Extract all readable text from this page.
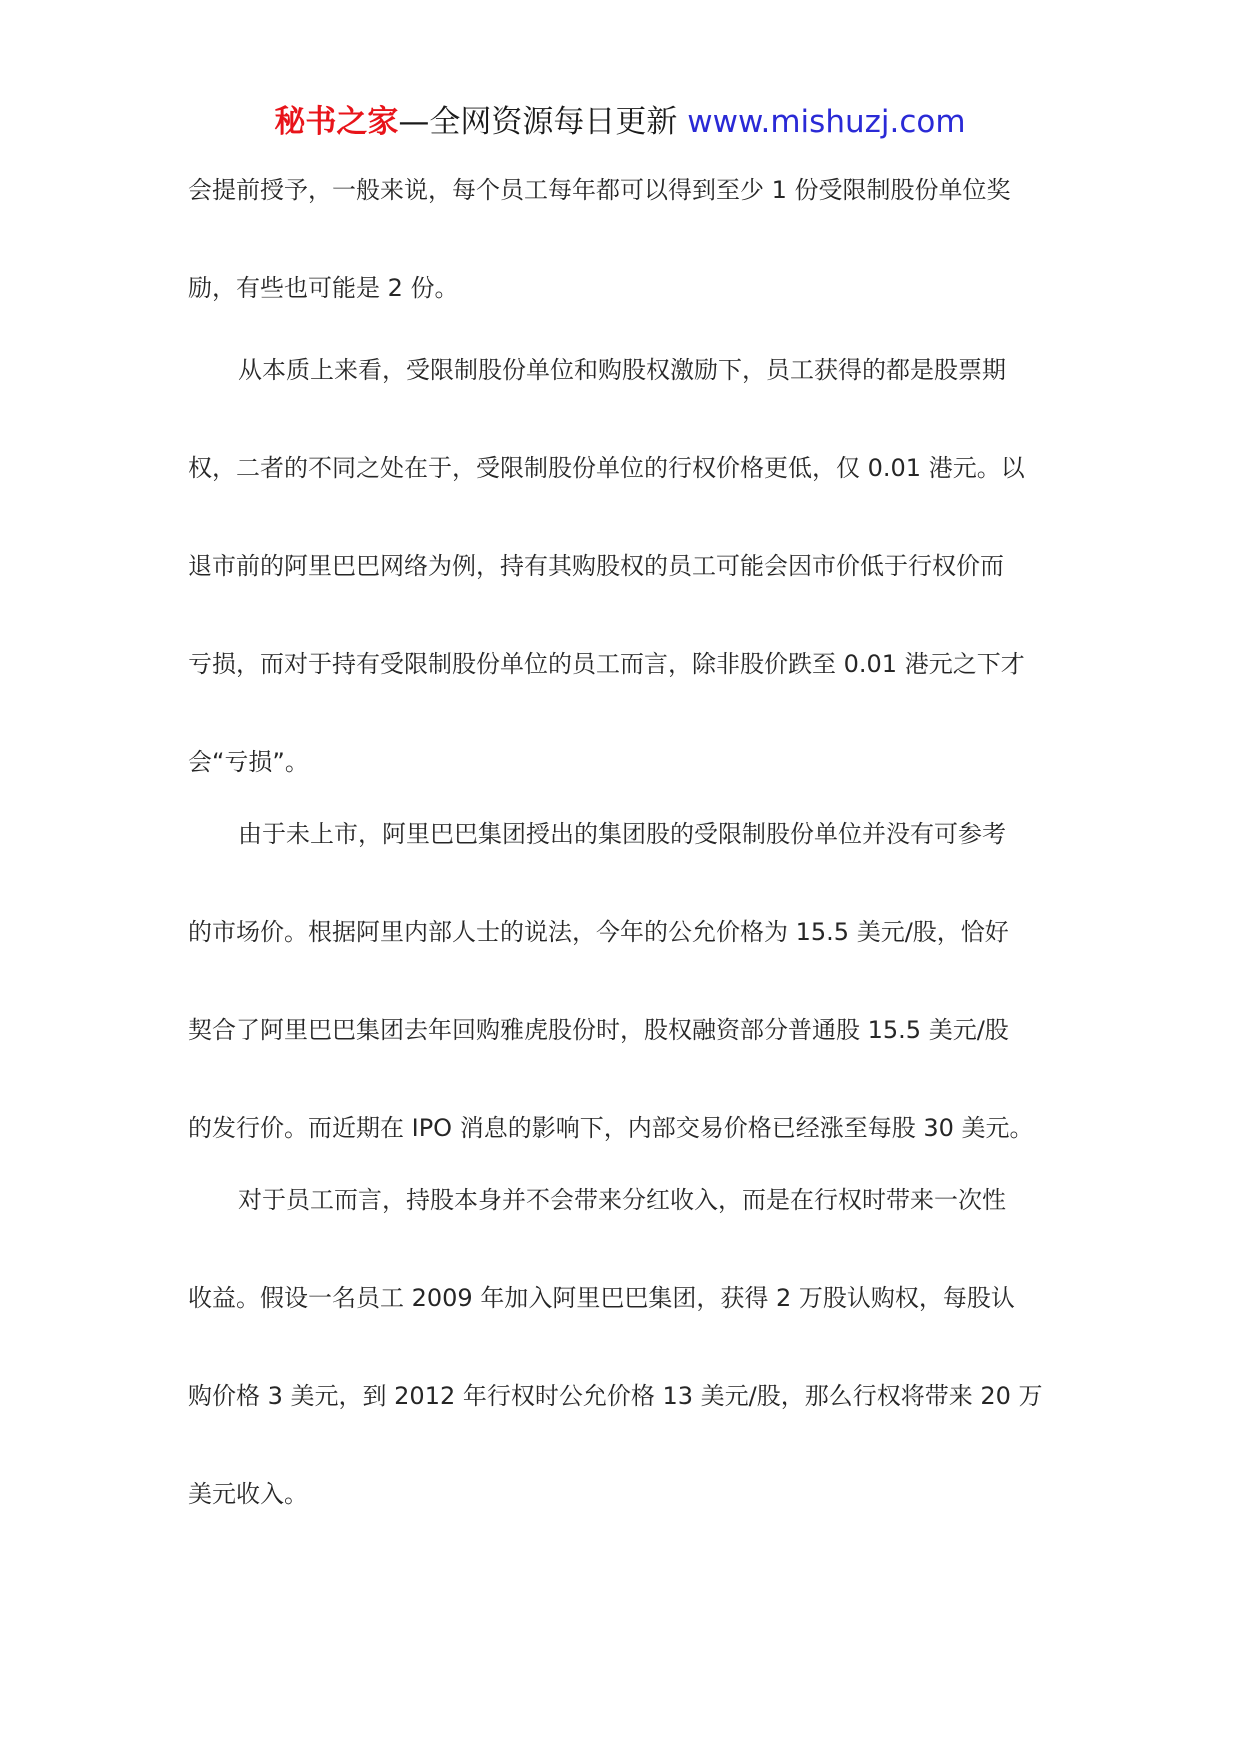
秘书之家—全网资源每日更新 www.mishuzj.com
会提前授予，一般来说，每个员工每年都可以得到至少 1 份受限制股份单位奖
励，有些也可能是 2 份。
从本质上来看，受限制股份单位和购股权激励下，员工获得的都是股票期
权，二者的不同之处在于，受限制股份单位的行权价格更低，仅 0.01 港元。以
退市前的阿里巴巴网络为例，持有其购股权的员工可能会因市价低于行权价而
亏损，而对于持有受限制股份单位的员工而言，除非股价跌至 0.01 港元之下才
会“亏损”。
由于未上市，阿里巴巴集团授出的集团股的受限制股份单位并没有可参考
的市场价。根据阿里内部人士的说法，今年的公允价格为 15.5 美元/股，恰好
契合了阿里巴巴集团去年回购雅虎股份时，股权融资部分普通股 15.5 美元/股
的发行价。而近期在 IPO 消息的影响下，内部交易价格已经涨至每股 30 美元。
对于员工而言，持股本身并不会带来分红收入，而是在行权时带来一次性
收益。假设一名员工 2009 年加入阿里巴巴集团，获得 2 万股认购权，每股认
购价格 3 美元，到 2012 年行权时公允价格 13 美元/股，那么行权将带来 20 万
美元收入。
